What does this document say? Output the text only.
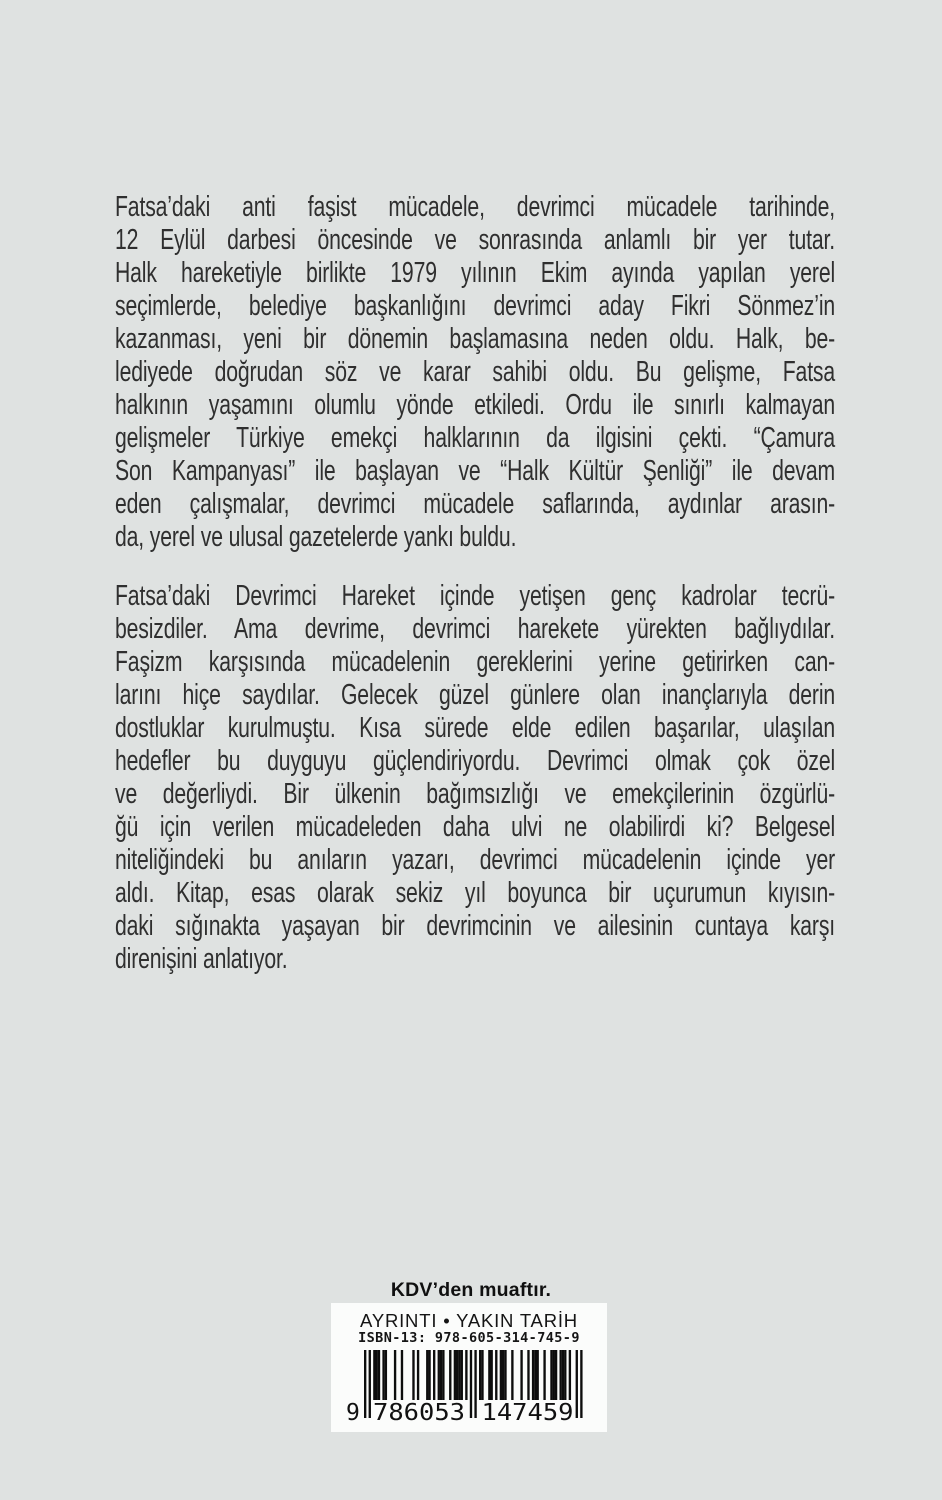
Fatsa’daki anti faşist mücadele, devrimci mücadele tarihinde,
12 Eylül darbesi öncesinde ve sonrasında anlamlı bir yer tutar.
Halk hareketiyle birlikte 1979 yılının Ekim ayında yapılan yerel
seçimlerde, belediye başkanlığını devrimci aday Fikri Sönmez’in
kazanması, yeni bir dönemin başlamasına neden oldu. Halk, be-
lediyede doğrudan söz ve karar sahibi oldu. Bu gelişme, Fatsa
halkının yaşamını olumlu yönde etkiledi. Ordu ile sınırlı kalmayan
gelişmeler Türkiye emekçi halklarının da ilgisini çekti. “Çamura
Son Kampanyası” ile başlayan ve “Halk Kültür Şenliği” ile devam
eden çalışmalar, devrimci mücadele saflarında, aydınlar arasın-
da, yerel ve ulusal gazetelerde yankı buldu.
Fatsa’daki Devrimci Hareket içinde yetişen genç kadrolar tecrü-
besizdiler. Ama devrime, devrimci harekete yürekten bağlıydılar.
Faşizm karşısında mücadelenin gereklerini yerine getirirken can-
larını hiçe saydılar. Gelecek güzel günlere olan inançlarıyla derin
dostluklar kurulmuştu. Kısa sürede elde edilen başarılar, ulaşılan
hedefler bu duyguyu güçlendiriyordu. Devrimci olmak çok özel
ve değerliydi. Bir ülkenin bağımsızlığı ve emekçilerinin özgürlü-
ğü için verilen mücadeleden daha ulvi ne olabilirdi ki? Belgesel
niteliğindeki bu anıların yazarı, devrimci mücadelenin içinde yer
aldı. Kitap, esas olarak sekiz yıl boyunca bir uçurumun kıyısın-
daki sığınakta yaşayan bir devrimcinin ve ailesinin cuntaya karşı
direnişini anlatıyor.
KDV’den muaftır.
AYRINTI • YAKIN TARİH
ISBN-13: 978-605-314-745-9
9 786053 147459
